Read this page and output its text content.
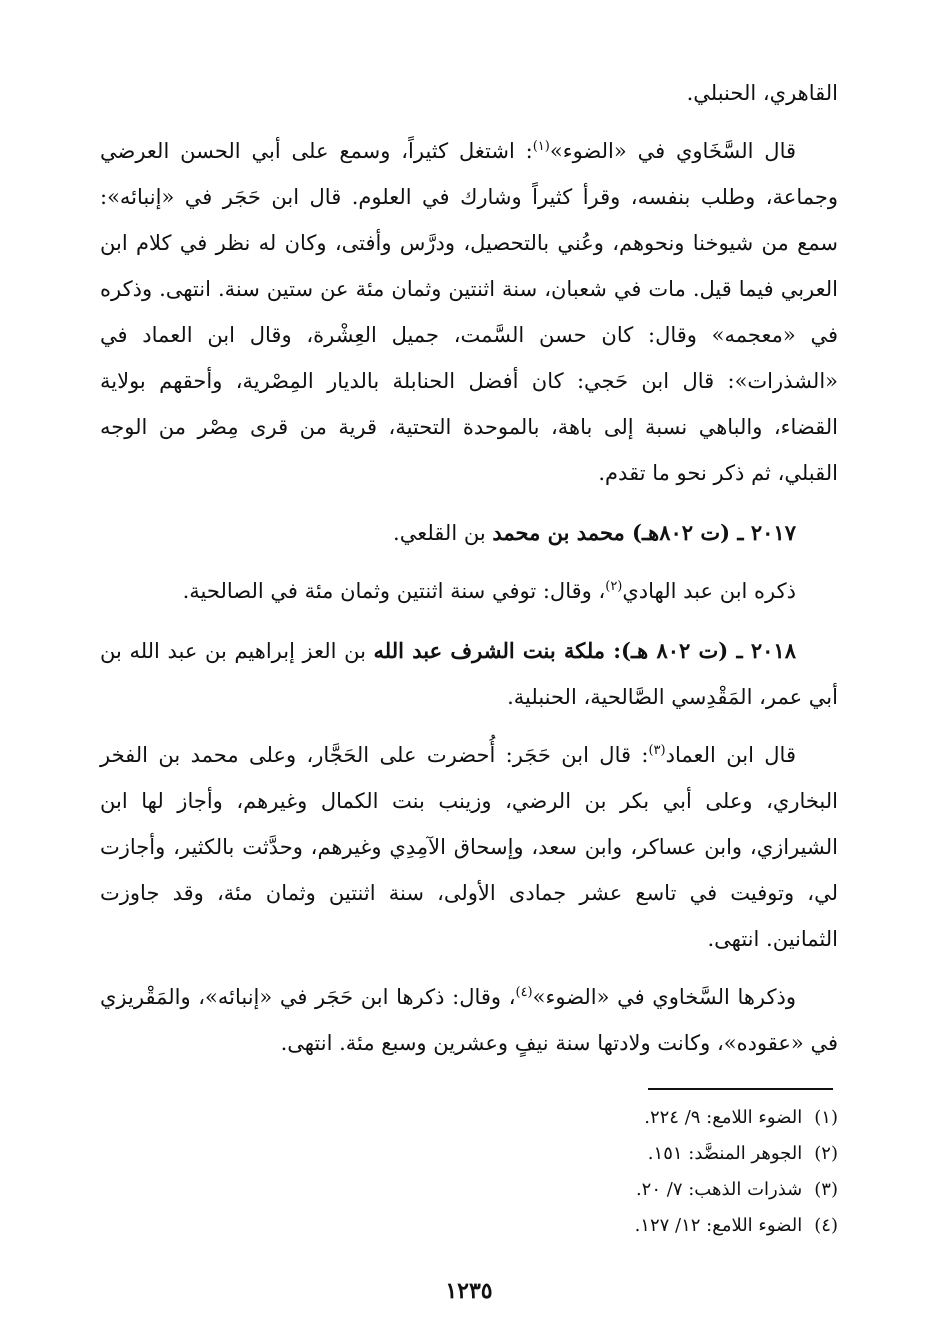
القاهري، الحنبلي.

قال السَّخَاوي في «الضوء»$^{(١)}$: اشتغل كثيراً، وسمع على أبي الحسن العرضي وجماعة، وطلب بنفسه، وقرأ كثيراً وشارك في العلوم. قال ابن حَجَر في «إنبائه»: سمع من شيوخنا ونحوهم، وعُني بالتحصيل، ودرَّس وأفتى، وكان له نظر في كلام ابن العربي فيما قيل. مات في شعبان، سنة اثنتين وثمان مئة عن ستين سنة. انتهى. وذكره في «معجمه» وقال: كان حسن السَّمت، جميل العِشْرة، وقال ابن العماد في «الشذرات»: قال ابن حَجي: كان أفضل الحنابلة بالديار المِصْرية، وأحقهم بولاية القضاء، والباهي نسبة إلى باهة، بالموحدة التحتية، قرية من قرى مِصْر من الوجه القبلي، ثم ذكر نحو ما تقدم.

٢٠١٧ ـ (ت ٨٠٢هـ) محمد بن محمد بن القلعي.

ذكره ابن عبد الهادي$^{(٢)}$، وقال: توفي سنة اثنتين وثمان مئة في الصالحية.

٢٠١٨ ـ (ت ٨٠٢ هـ): ملكة بنت الشرف عبد الله بن العز إبراهيم بن عبد الله بن أبي عمر، المَقْدِسي الصَّالحية، الحنبلية.

قال ابن العماد$^{(٣)}$: قال ابن حَجَر: أُحضرت على الحَجَّار، وعلى محمد بن الفخر البخاري، وعلى أبي بكر بن الرضي، وزينب بنت الكمال وغيرهم، وأجاز لها ابن الشيرازي، وابن عساكر، وابن سعد، وإسحاق الآمِدِي وغيرهم، وحدَّثت بالكثير، وأجازت لي، وتوفيت في تاسع عشر جمادى الأولى، سنة اثنتين وثمان مئة، وقد جاوزت الثمانين. انتهى.

وذكرها السَّخاوي في «الضوء»$^{(٤)}$، وقال: ذكرها ابن حَجَر في «إنبائه»، والمَقْريزي في «عقوده»، وكانت ولادتها سنة نيفٍ وعشرين وسبع مئة. انتهى.

(١)الضوء اللامع: ٩/ ٢٢٤.

(٢)الجوهر المنضَّد: ١٥١.

(٣)شذرات الذهب: ٧/ ٢٠.

(٤)الضوء اللامع: ١٢/ ١٢٧.

١٢٣٥
